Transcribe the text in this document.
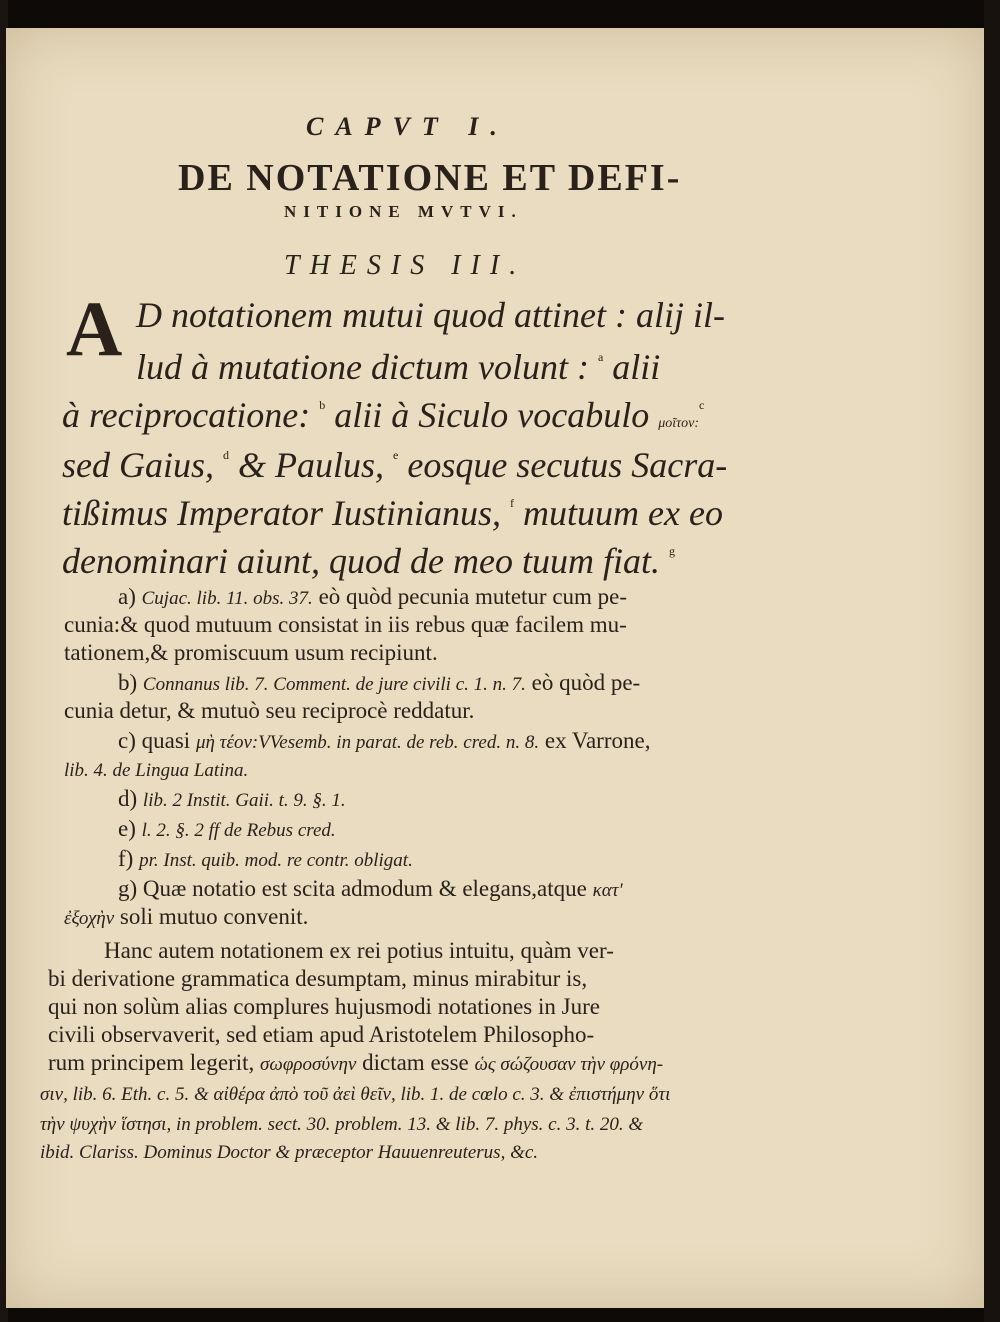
CAPVT I.
DE NOTATIONE ET DEFI-
NITIONE MVTVI.
THESIS III.
A D notationem mutui quod attinet : alij il-
lud à mutatione dictum volunt : $^a$ alii
à reciprocatione: $^b$ alii à Siculo vocabulo μοῖτον:$^c$
sed Gaius, $^d$ & Paulus, $^e$ eosque secutus Sacra-
tißimus Imperator Iustinianus, $^f$ mutuum ex eo
denominari aiunt, quod de meo tuum fiat. $^g$
a) Cujac. lib. 11. obs. 37. eò quòd pecunia mutetur cum pe-
cunia:& quod mutuum consistat in iis rebus quæ facilem mu-
tationem,& promiscuum usum recipiunt.
b) Connanus lib. 7. Comment. de jure civili c. 1. n. 7. eò quòd pe-
cunia detur, & mutuò seu reciprocè reddatur.
c) quasi μὴ τέον:VVesemb. in parat. de reb. cred. n. 8. ex Varrone,
lib. 4. de Lingua Latina.
d) lib. 2 Instit. Gaii. t. 9. §. 1.
e) l. 2. §. 2 ff de Rebus cred.
f) pr. Inst. quib. mod. re contr. obligat.
g) Quæ notatio est scita admodum & elegans,atque κατ'
ἐξοχὴν soli mutuo convenit.
Hanc autem notationem ex rei potius intuitu, quàm ver-
bi derivatione grammatica desumptam, minus mirabitur is,
qui non solùm alias complures hujusmodi notationes in Jure
civili observaverit, sed etiam apud Aristotelem Philosopho-
rum principem legerit, σωφροσύνην dictam esse ὡς σώζουσαν τὴν φρόνη-
σιν, lib. 6. Eth. c. 5. & αἰθέρα ἀπὸ τοῦ ἀεὶ θεῖν, lib. 1. de cœlo c. 3. & ἐπιστήμην ὅτι
τὴν ψυχὴν ἵστησι, in problem. sect. 30. problem. 13. & lib. 7. phys. c. 3. t. 20. &
ibid. Clariss. Dominus Doctor & præceptor Hauuenreuterus, &c.
